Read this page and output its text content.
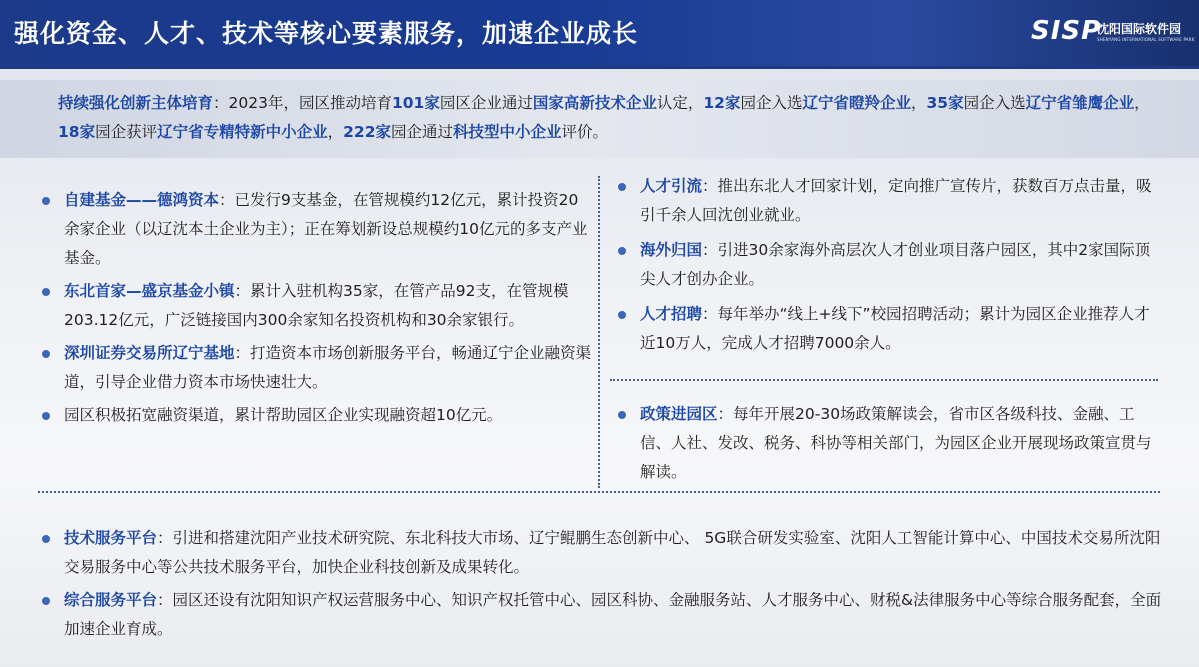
强化资金、人才、技术等核心要素服务，加速企业成长	SISP
沈阳国际软件园
SHENYANG INTERNATIONAL SOFTWARE PARK
持续强化创新主体培育：2023年，园区推动培育101家园区企业通过国家高新技术企业认定，12家园企入选辽宁省瞪羚企业，35家园企入选辽宁省雏鹰企业，18家园企获评辽宁省专精特新中小企业，222家园企通过科技型中小企业评价。
自建基金——德鸿资本：已发行9支基金，在管规模约12亿元，累计投资20余家企业（以辽沈本土企业为主）；正在筹划新设总规模约10亿元的多支产业基金。
东北首家—盛京基金小镇：累计入驻机构35家，在管产品92支，在管规模203.12亿元，广泛链接国内300余家知名投资机构和30余家银行。
深圳证券交易所辽宁基地：打造资本市场创新服务平台，畅通辽宁企业融资渠道，引导企业借力资本市场快速壮大。
园区积极拓宽融资渠道，累计帮助园区企业实现融资超10亿元。
人才引流：推出东北人才回家计划，定向推广宣传片，获数百万点击量，吸引千余人回沈创业就业。
海外归国：引进30余家海外高层次人才创业项目落户园区，其中2家国际顶尖人才创办企业。
人才招聘：每年举办“线上+线下”校园招聘活动；累计为园区企业推荐人才近10万人，完成人才招聘7000余人。
政策进园区：每年开展20-30场政策解读会，省市区各级科技、金融、工信、人社、发改、税务、科协等相关部门，为园区企业开展现场政策宣贯与解读。
技术服务平台：引进和搭建沈阳产业技术研究院、东北科技大市场、辽宁鲲鹏生态创新中心、 5G联合研发实验室、沈阳人工智能计算中心、中国技术交易所沈阳交易服务中心等公共技术服务平台，加快企业科技创新及成果转化。
综合服务平台：园区还设有沈阳知识产权运营服务中心、知识产权托管中心、园区科协、金融服务站、人才服务中心、财税&法律服务中心等综合服务配套，全面加速企业育成。
